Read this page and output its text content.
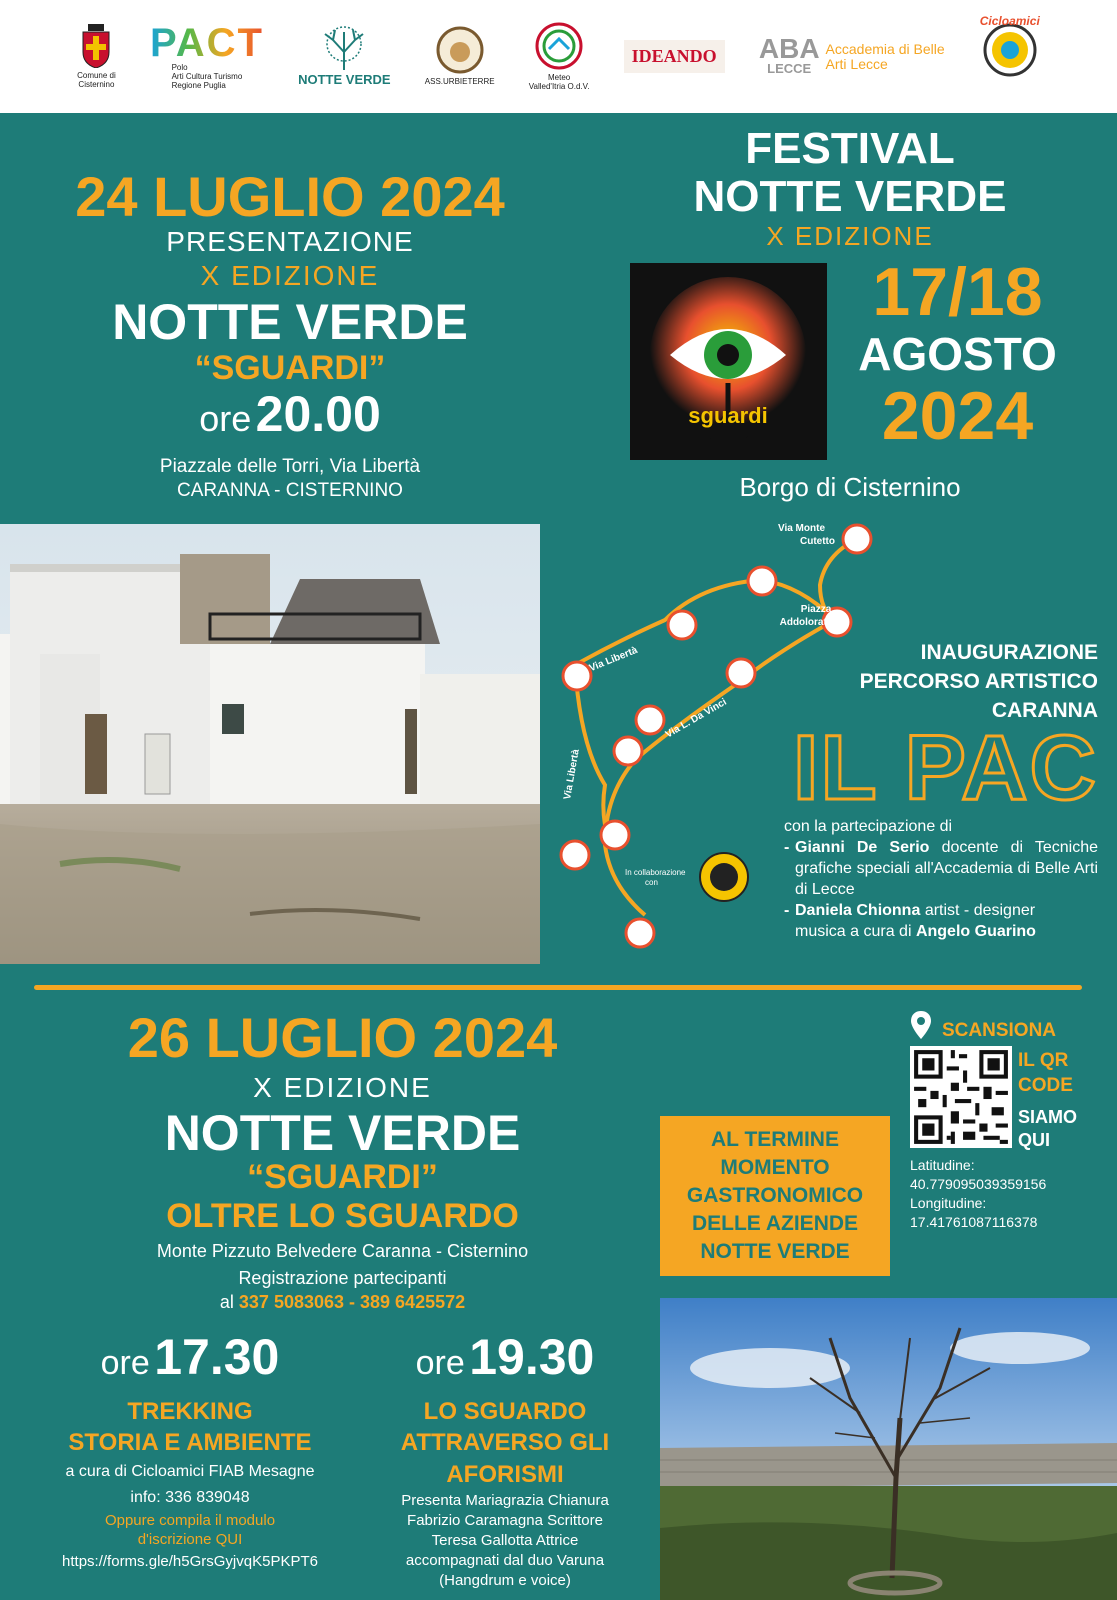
Comune di
Cisternino
PACT
Polo
Arti Cultura Turismo
Regione Puglia	NOTTE VERDE	ASS.URBIETERRE
Meteo
Valled'Itria O.d.V.
IDEANDO ABA
LECCE
Accademia di Belle Arti Lecce
Cicloamici
24 LUGLIO 2024
PRESENTAZIONE
X EDIZIONE
NOTTE VERDE
“SGUARDI”
ore 20.00
Piazzale delle Torri, Via Libertà
CARANNA - CISTERNINO
FESTIVAL
NOTTE VERDE
X EDIZIONE
sguardi
17/18
AGOSTO
2024
Borgo di Cisternino
Via Monte
Cutetto
Piazza
Addolorata
Via Libertà
Via L. Da Vinci
Via Libertà
In collaborazione
con
INAUGURAZIONE
PERCORSO ARTISTICO
CARANNA
IL PAC
con la partecipazione di
- Gianni De Serio docente di Tecniche grafiche speciali all'Accademia di Belle Arti di Lecce
- Daniela Chionna artist - designer
musica a cura di Angelo Guarino
26 LUGLIO 2024
X EDIZIONE
NOTTE VERDE
“SGUARDI”
OLTRE LO SGUARDO
Monte Pizzuto Belvedere Caranna - Cisternino
Registrazione partecipanti
al 337 5083063 - 389 6425572
SCANSIONA
IL QR
CODE
SIAMO
QUI
Latitudine:
40.779095039359156
Longitudine:
17.41761087116378
AL TERMINE
MOMENTO
GASTRONOMICO
DELLE AZIENDE
NOTTE VERDE
ore 17.30
TREKKING
STORIA E AMBIENTE
a cura di Cicloamici FIAB Mesagne
info: 336 839048
Oppure compila il modulo
d'iscrizione QUI
https://forms.gle/h5GrsGyjvqK5PKPT6
ore 19.30
LO SGUARDO
ATTRAVERSO GLI
AFORISMI
Presenta Mariagrazia Chianura
Fabrizio Caramagna Scrittore
Teresa Gallotta Attrice
accompagnati dal duo Varuna
(Hangdrum e voice)
